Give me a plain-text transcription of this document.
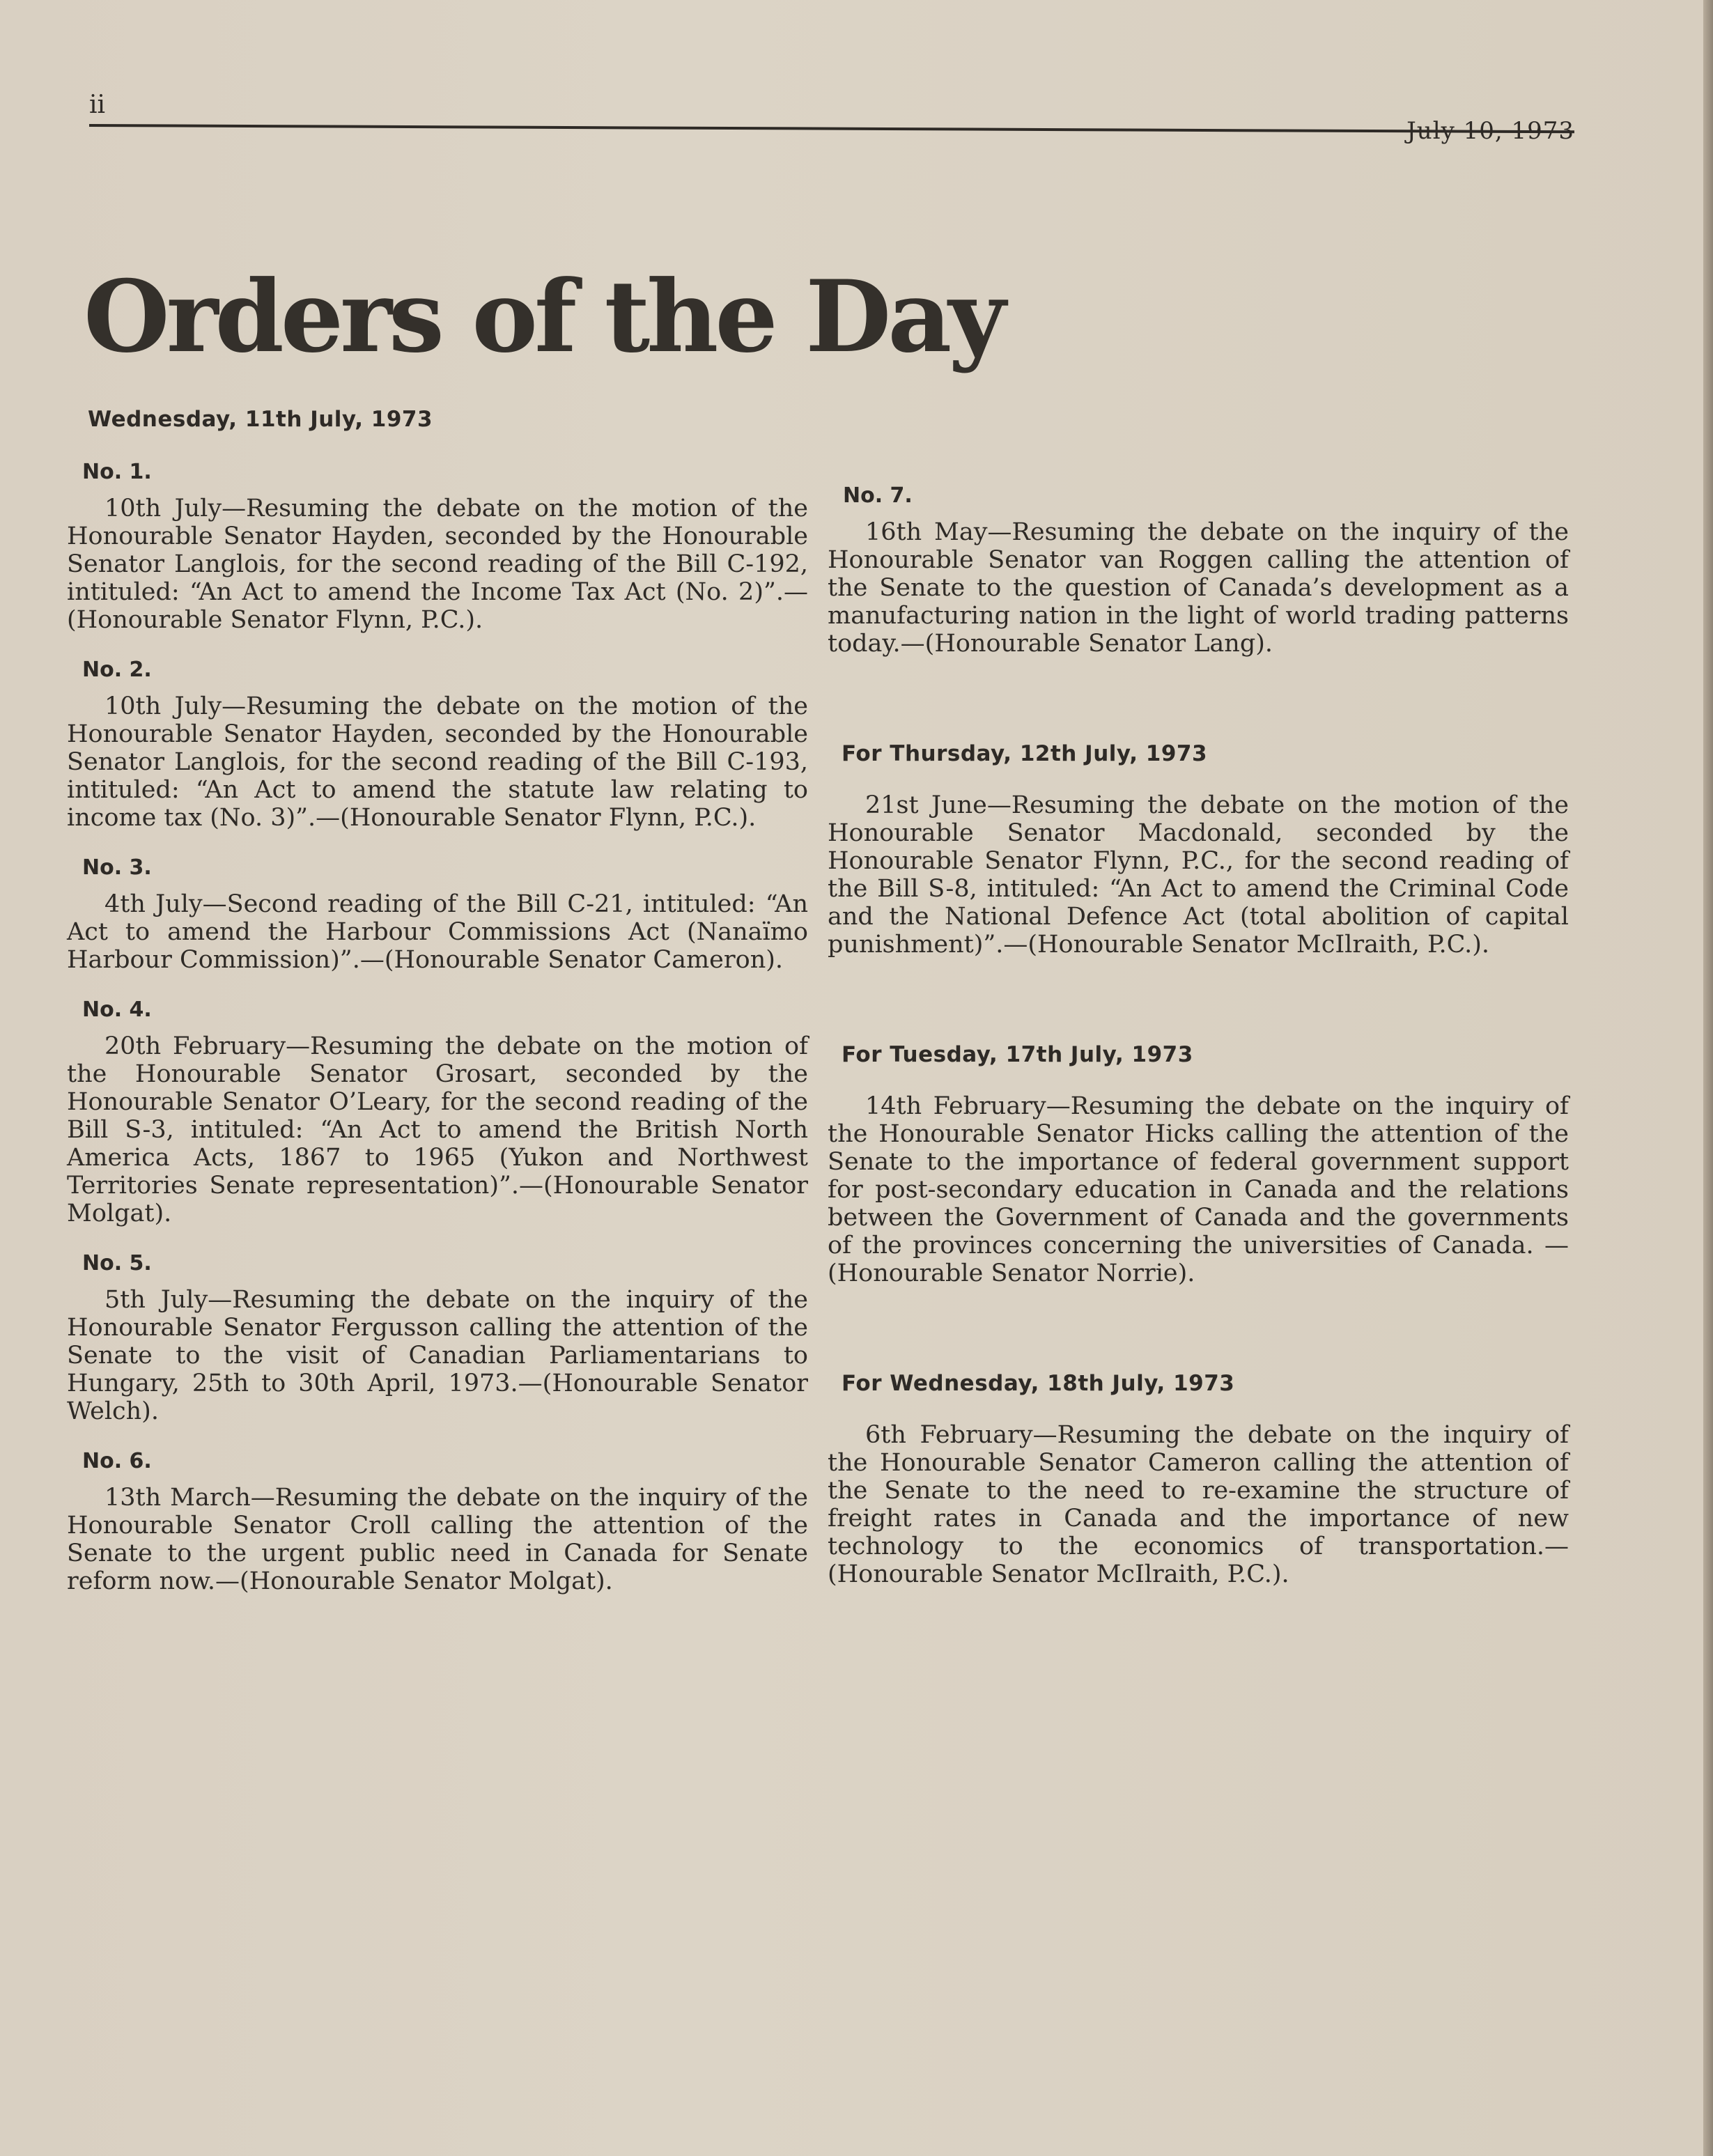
ii
July 10, 1973
Orders of the Day
Wednesday, 11th July, 1973
No. 1.

10th July—Resuming the debate on the motion of the Honourable Senator Hayden, seconded by the Honourable Senator Langlois, for the second reading of the Bill C-192, intituled: “An Act to amend the Income Tax Act (No. 2)”.—(Honourable Senator Flynn, P.C.).

No. 2.

10th July—Resuming the debate on the motion of the Honourable Senator Hayden, seconded by the Honourable Senator Langlois, for the second reading of the Bill C-193, intituled: “An Act to amend the statute law relating to income tax (No. 3)”.—(Honourable Senator Flynn, P.C.).

No. 3.

4th July—Second reading of the Bill C-21, intituled: “An Act to amend the Harbour Commissions Act (Nanaïmo Harbour Commission)”.—(Honourable Senator Cameron).

No. 4.

20th February—Resuming the debate on the motion of the Honourable Senator Grosart, seconded by the Honourable Senator O’Leary, for the second reading of the Bill S-3, intituled: “An Act to amend the British North America Acts, 1867 to 1965 (Yukon and Northwest Territories Senate representation)”.—(Honourable Senator Molgat).

No. 5.

5th July—Resuming the debate on the inquiry of the Honourable Senator Fergusson calling the attention of the Senate to the visit of Canadian Parliamentarians to Hungary, 25th to 30th April, 1973.—(Honourable Senator Welch).

No. 6.

13th March—Resuming the debate on the inquiry of the Honourable Senator Croll calling the attention of the Senate to the urgent public need in Canada for Senate reform now.—(Honourable Senator Molgat).

No. 7.

16th May—Resuming the debate on the inquiry of the Honourable Senator van Roggen calling the attention of the Senate to the question of Canada’s development as a manufacturing nation in the light of world trading patterns today.—(Honourable Senator Lang).

For Thursday, 12th July, 1973

21st June—Resuming the debate on the motion of the Honourable Senator Macdonald, seconded by the Honourable Senator Flynn, P.C., for the second reading of the Bill S-8, intituled: “An Act to amend the Criminal Code and the National Defence Act (total abolition of capital punishment)”.—(Honourable Senator McIlraith, P.C.).

For Tuesday, 17th July, 1973

14th February—Resuming the debate on the inquiry of the Honourable Senator Hicks calling the attention of the Senate to the importance of federal government support for post-secondary education in Canada and the relations between the Government of Canada and the governments of the provinces concerning the universities of Canada. —(Honourable Senator Norrie).

For Wednesday, 18th July, 1973

6th February—Resuming the debate on the inquiry of the Honourable Senator Cameron calling the attention of the Senate to the need to re-examine the structure of freight rates in Canada and the importance of new technology to the economics of transportation.—(Honourable Senator McIlraith, P.C.).
